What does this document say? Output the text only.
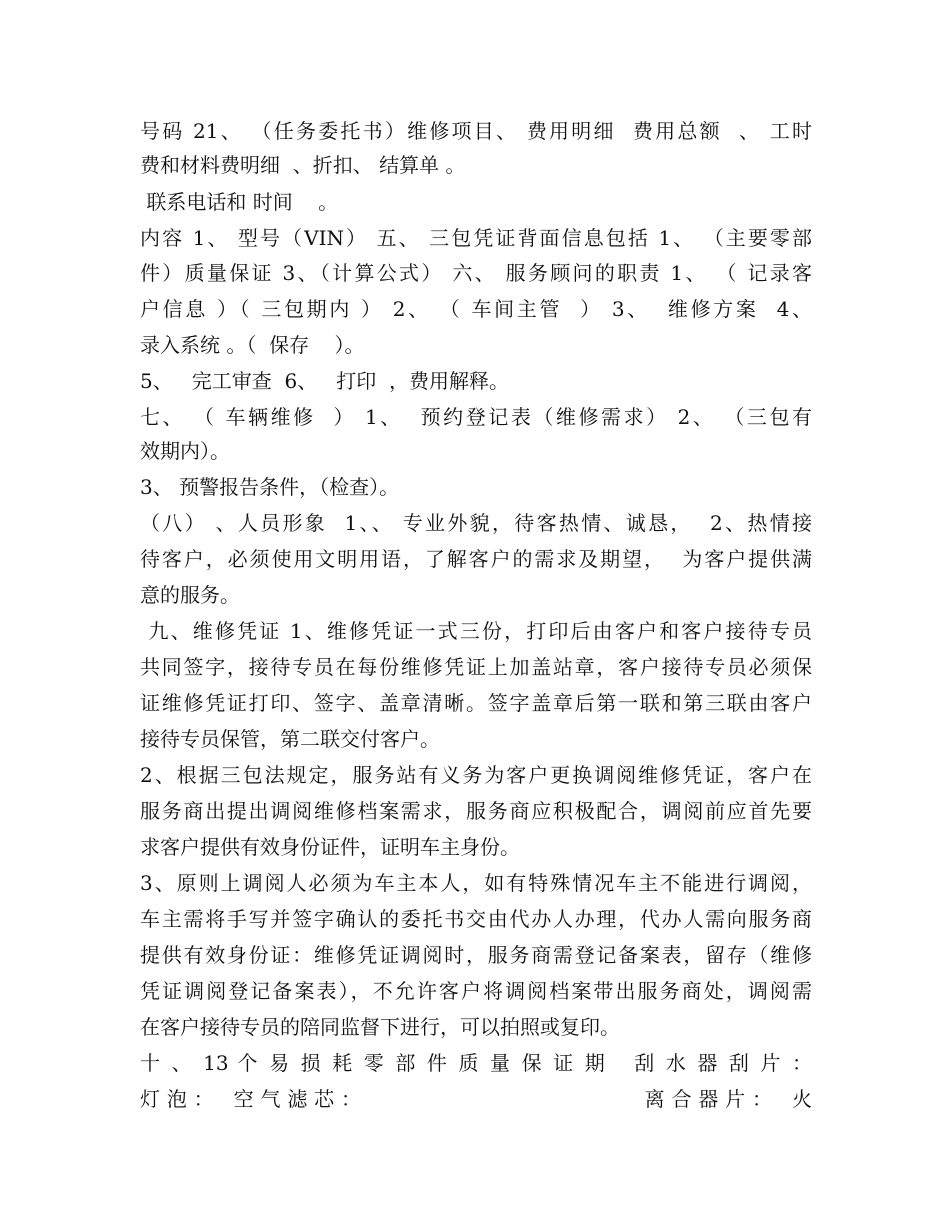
号码 21、 （任务委托书）维修项目、 费用明细  费用总额  、 工时
费和材料费明细  、折扣、 结算单 。
联系电话和 时间    。
内容 1、 型号（VIN） 五、 三包凭证背面信息包括 1、 （主要零部
件）质量保证 3、（计算公式） 六、 服务顾问的职责 1、 （ 记录客
户信息 ）（ 三包期内 ） 2、 （ 车间主管  ） 3、  维修方案  4、
录入系统 。（  保存    ）。
5、   完工审查  6、   打印  ，费用解释。
七、 （ 车辆维修  ） 1、  预约登记表（维修需求） 2、 （三包有
效期内）。
3、 预警报告条件，（检查）。
（八） 、人员形象  1、、 专业外貌，待客热情、诚恳，  2、热情接
待客户，必须使用文明用语，了解客户的需求及期望，  为客户提供满
意的服务。
九、维修凭证 1、维修凭证一式三份，打印后由客户和客户接待专员
共同签字，接待专员在每份维修凭证上加盖站章，客户接待专员必须保
证维修凭证打印、签字、盖章清晰。签字盖章后第一联和第三联由客户
接待专员保管，第二联交付客户。
2、根据三包法规定，服务站有义务为客户更换调阅维修凭证，客户在
服务商出提出调阅维修档案需求，服务商应积极配合，调阅前应首先要
求客户提供有效身份证件，证明车主身份。
3、原则上调阅人必须为车主本人，如有特殊情况车主不能进行调阅，
车主需将手写并签字确认的委托书交由代办人办理，代办人需向服务商
提供有效身份证：维修凭证调阅时，服务商需登记备案表，留存（维修
凭证调阅登记备案表），不允许客户将调阅档案带出服务商处，调阅需
在客户接待专员的陪同监督下进行，可以拍照或复印。
十 、 13 个 易 损 耗 零 部 件 质 量 保 证 期   刮 水 器 刮 片 ：
灯泡： 空气滤芯：                     离合器片： 火
